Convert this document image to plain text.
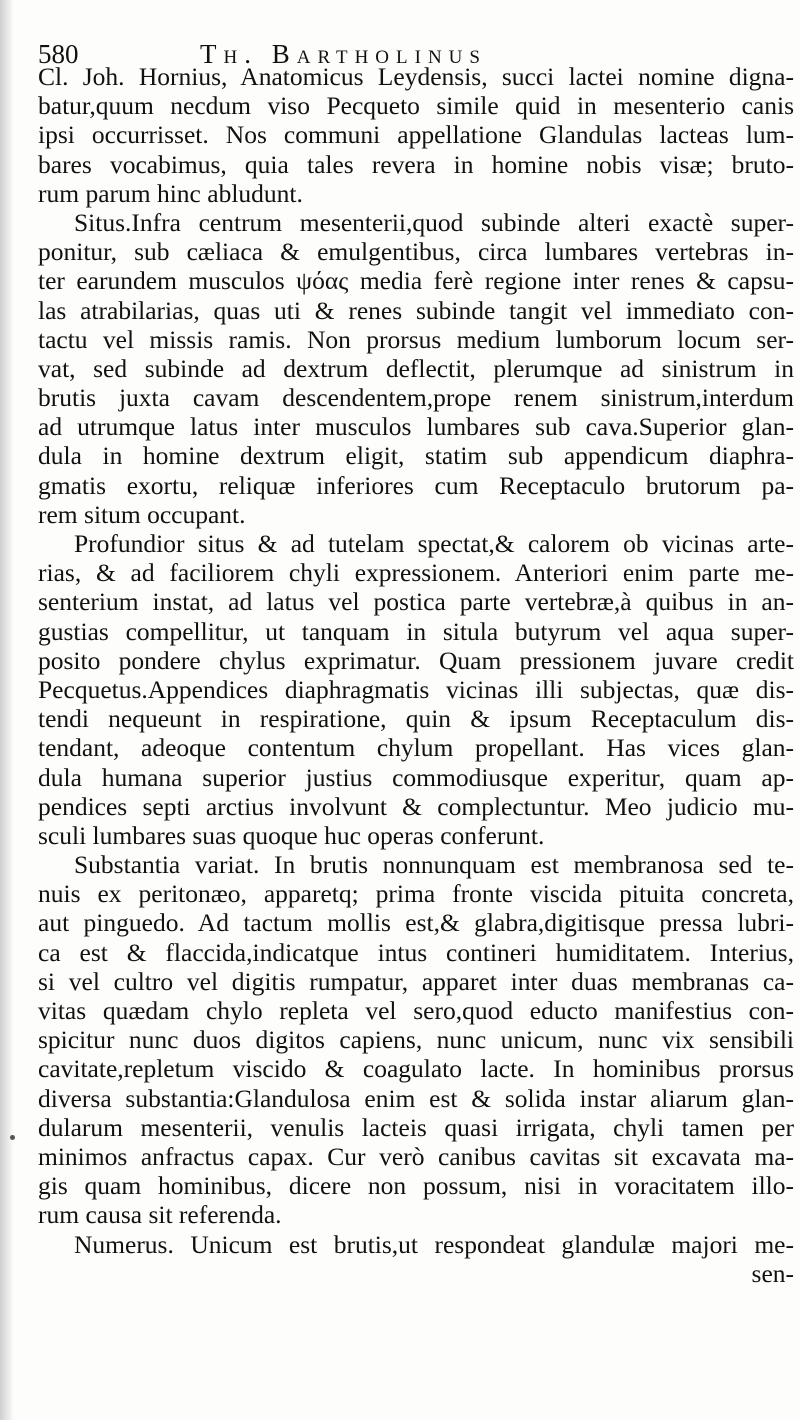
580	Th. Bartholinus
Cl. Joh. Hornius, Anatomicus Leydensis, succi lactei nomine digna-
batur,quum necdum viso Pecqueto simile quid in mesenterio canis
ipsi occurrisset. Nos communi appellatione Glandulas lacteas lum-
bares vocabimus, quia tales revera in homine nobis visæ; bruto-
rum parum hinc abludunt.
Situs.Infra centrum mesenterii,quod subinde alteri exactè super-
ponitur, sub cæliaca & emulgentibus, circa lumbares vertebras in-
ter earundem musculos ψόας media ferè regione inter renes & capsu-
las atrabilarias, quas uti & renes subinde tangit vel immediato con-
tactu vel missis ramis. Non prorsus medium lumborum locum ser-
vat, sed subinde ad dextrum deflectit, plerumque ad sinistrum in
brutis juxta cavam descendentem,prope renem sinistrum,interdum
ad utrumque latus inter musculos lumbares sub cava.Superior glan-
dula in homine dextrum eligit, statim sub appendicum diaphra-
gmatis exortu, reliquæ inferiores cum Receptaculo brutorum pa-
rem situm occupant.
Profundior situs & ad tutelam spectat,& calorem ob vicinas arte-
rias, & ad faciliorem chyli expressionem. Anteriori enim parte me-
senterium instat, ad latus vel postica parte vertebræ,à quibus in an-
gustias compellitur, ut tanquam in situla butyrum vel aqua super-
posito pondere chylus exprimatur. Quam pressionem juvare credit
Pecquetus.Appendices diaphragmatis vicinas illi subjectas, quæ dis-
tendi nequeunt in respiratione, quin & ipsum Receptaculum dis-
tendant, adeoque contentum chylum propellant. Has vices glan-
dula humana superior justius commodiusque experitur, quam ap-
pendices septi arctius involvunt & complectuntur. Meo judicio mu-
sculi lumbares suas quoque huc operas conferunt.
Substantia variat. In brutis nonnunquam est membranosa sed te-
nuis ex peritonæo, apparetq; prima fronte viscida pituita concreta,
aut pinguedo. Ad tactum mollis est,& glabra,digitisque pressa lubri-
ca est & flaccida,indicatque intus contineri humiditatem. Interius,
si vel cultro vel digitis rumpatur, apparet inter duas membranas ca-
vitas quædam chylo repleta vel sero,quod educto manifestius con-
spicitur nunc duos digitos capiens, nunc unicum, nunc vix sensibili
cavitate,repletum viscido & coagulato lacte. In hominibus prorsus
diversa substantia:Glandulosa enim est & solida instar aliarum glan-
dularum mesenterii, venulis lacteis quasi irrigata, chyli tamen per
minimos anfractus capax. Cur verò canibus cavitas sit excavata ma-
gis quam hominibus, dicere non possum, nisi in voracitatem illo-
rum causa sit referenda.
Numerus. Unicum est brutis,ut respondeat glandulæ majori me-
sen-
